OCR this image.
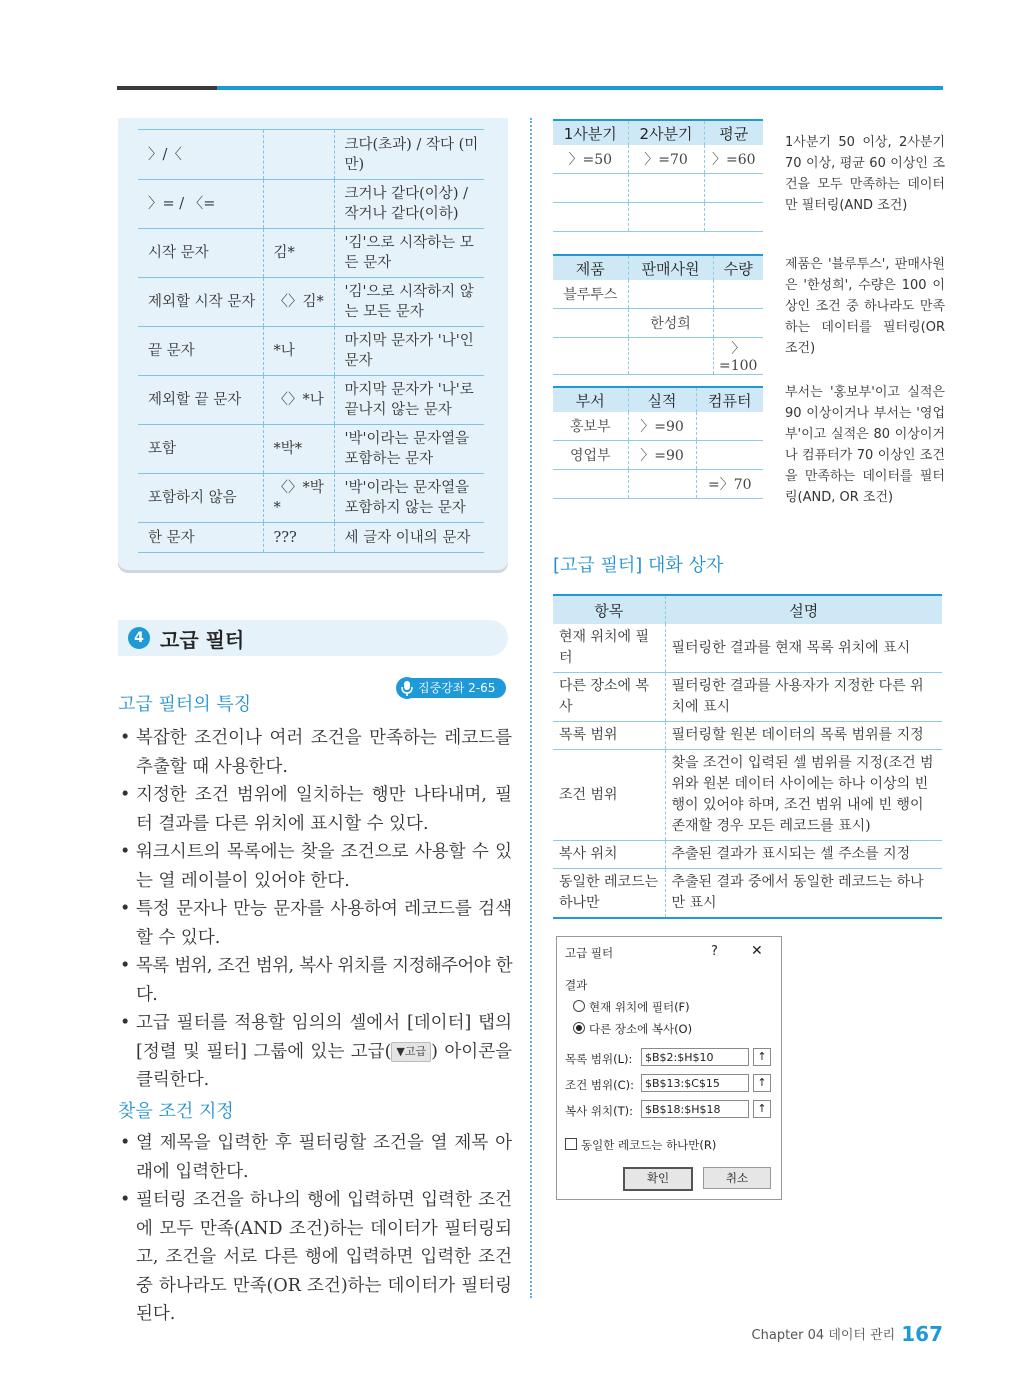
〉/〈		크다(초과) / 작다 (미만)
〉= / 〈=		크거나 같다(이상) / 작거나 같다(이하)
시작 문자	김*	'김'으로 시작하는 모든 문자
제외할 시작 문자	〈〉김*	'김'으로 시작하지 않는 모든 문자
끝 문자	*나	마지막 문자가 '나'인 문자
제외할 끝 문자	〈〉*나	마지막 문자가 '나'로 끝나지 않는 문자
포함	*박*	'박'이라는 문자열을 포함하는 문자
포함하지 않음	〈〉*박*	'박'이라는 문자열을 포함하지 않는 문자
한 문자	???	세 글자 이내의 문자
4 고급 필터
집중강좌 2-65
고급 필터의 특징
• 복잡한 조건이나 여러 조건을 만족하는 레코드를 추출할 때 사용한다.
• 지정한 조건 범위에 일치하는 행만 나타내며, 필터 결과를 다른 위치에 표시할 수 있다.
• 워크시트의 목록에는 찾을 조건으로 사용할 수 있는 열 레이블이 있어야 한다.
• 특정 문자나 만능 문자를 사용하여 레코드를 검색할 수 있다.
• 목록 범위, 조건 범위, 복사 위치를 지정해주어야 한다.
• 고급 필터를 적용할 임의의 셀에서 [데이터] 탭의 [정렬 및 필터] 그룹에 있는 고급( ▼고급 ) 아이콘을 클릭한다.
찾을 조건 지정
• 열 제목을 입력한 후 필터링할 조건을 열 제목 아래에 입력한다.
• 필터링 조건을 하나의 행에 입력하면 입력한 조건에 모두 만족(AND 조건)하는 데이터가 필터링되고, 조건을 서로 다른 행에 입력하면 입력한 조건 중 하나라도 만족(OR 조건)하는 데이터가 필터링된다.
1사분기	2사분기	평균
〉=50	〉=70	〉=60

1사분기 50 이상, 2사분기 70 이상, 평균 60 이상인 조건을 모두 만족하는 데이터만 필터링(AND 조건)
제품	판매사원	수량
블루투스		
	한성희	
		〉=100
제품은 '블루투스', 판매사원은 '한성희', 수량은 100 이상인 조건 중 하나라도 만족하는 데이터를 필터링(OR 조건)
부서	실적	컴퓨터
홍보부	〉=90	
영업부	〉=90	
		=〉70
부서는 '홍보부'이고 실적은 90 이상이거나 부서는 '영업부'이고 실적은 80 이상이거나 컴퓨터가 70 이상인 조건을 만족하는 데이터를 필터링(AND, OR 조건)
[고급 필터] 대화 상자
항목	설명
현재 위치에 필터	필터링한 결과를 현재 목록 위치에 표시
다른 장소에 복사	필터링한 결과를 사용자가 지정한 다른 위치에 표시
목록 범위	필터링할 원본 데이터의 목록 범위를 지정
조건 범위	찾을 조건이 입력된 셀 범위를 지정(조건 범위와 원본 데이터 사이에는 하나 이상의 빈 행이 있어야 하며, 조건 범위 내에 빈 행이 존재할 경우 모든 레코드를 표시)
복사 위치	추출된 결과가 표시되는 셀 주소를 지정
동일한 레코드는 하나만	추출된 결과 중에서 동일한 레코드는 하나만 표시
고급 필터	? ✕
결과
현재 위치에 필터(F)
다른 장소에 복사(O)
목록 범위(L):	$B$2:$H$10	↑
조건 범위(C):	$B$13:$C$15	↑
복사 위치(T):	$B$18:$H$18	↑
동일한 레코드는 하나만(R)
확인	취소
Chapter 04 데이터 관리 167
